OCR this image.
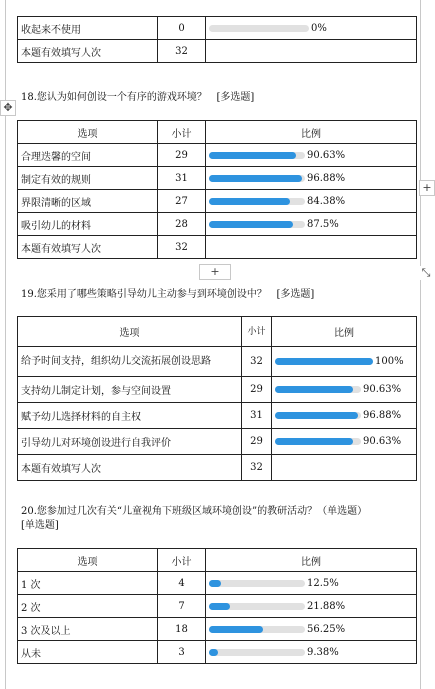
收起来不使用	0	0%

本题有效填写人次	32	
✥
18.您认为如何创设一个有序的游戏环境？ [多选题]
选项	小计	比例
合理迭馨的空间	29	90.63%

制定有效的规则	31	96.88%

界限清晰的区域	27	84.38%

吸引幼儿的材料	28	87.5%

本题有效填写人次	32	
+
+	⤡
19.您采用了哪些策略引导幼儿主动参与到环境创设中？ [多选题]
选项	小计	比例
给予时间支持，组织幼儿交流拓展创设思路	32	100%

支持幼儿制定计划，参与空间设置	29	90.63%

赋予幼儿选择材料的自主权	31	96.88%

引导幼儿对环境创设进行自我评价	29	90.63%

本题有效填写人次	32	
20.您参加过几次有关“儿童视角下班级区域环境创设”的教研活动？（单选题）
[单选题]
选项	小计	比例
1 次	4	12.5%

2 次	7	21.88%

3 次及以上	18	56.25%

从未	3	9.38%
